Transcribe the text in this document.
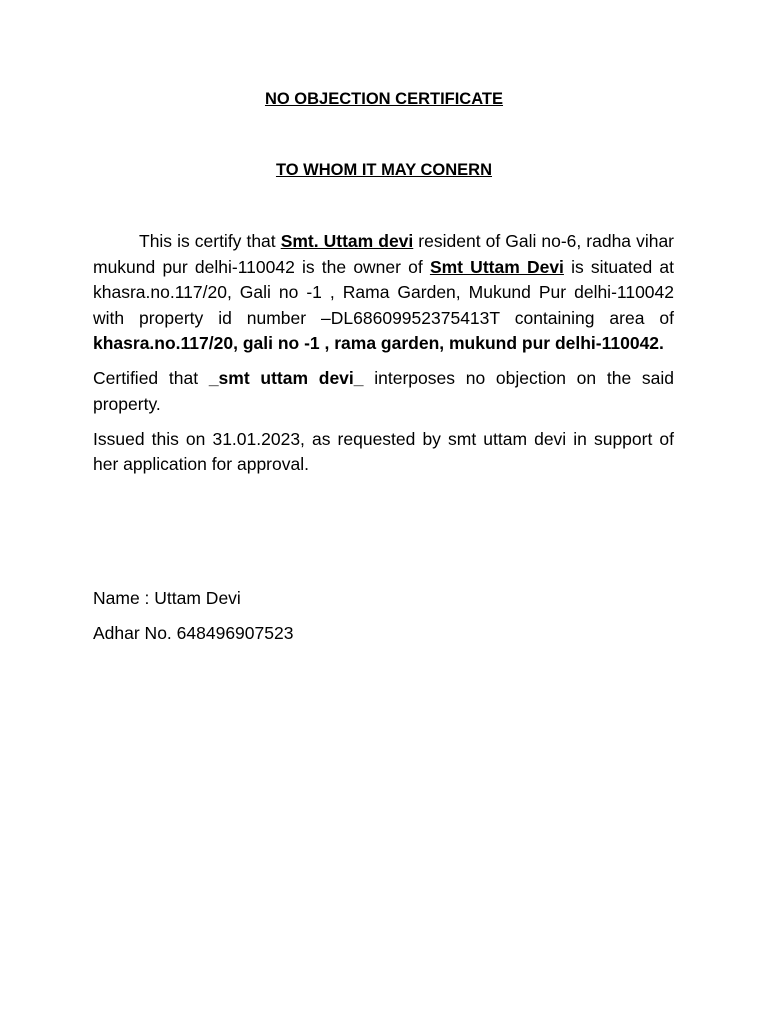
NO OBJECTION CERTIFICATE
TO WHOM IT MAY CONERN

This is certify that Smt. Uttam devi resident of Gali no-6, radha vihar mukund pur delhi-110042 is the owner of Smt Uttam Devi is situated at khasra.no.117/20, Gali no -1 , Rama Garden, Mukund Pur delhi-110042 with property id number –DL68609952375413T containing area of khasra.no.117/20, gali no -1 , rama garden, mukund pur delhi-110042.

Certified that _smt uttam devi_ interposes no objection on the said property.

Issued this on 31.01.2023, as requested by smt uttam devi in support of her application for approval.

Name : Uttam Devi
Adhar No. 648496907523
